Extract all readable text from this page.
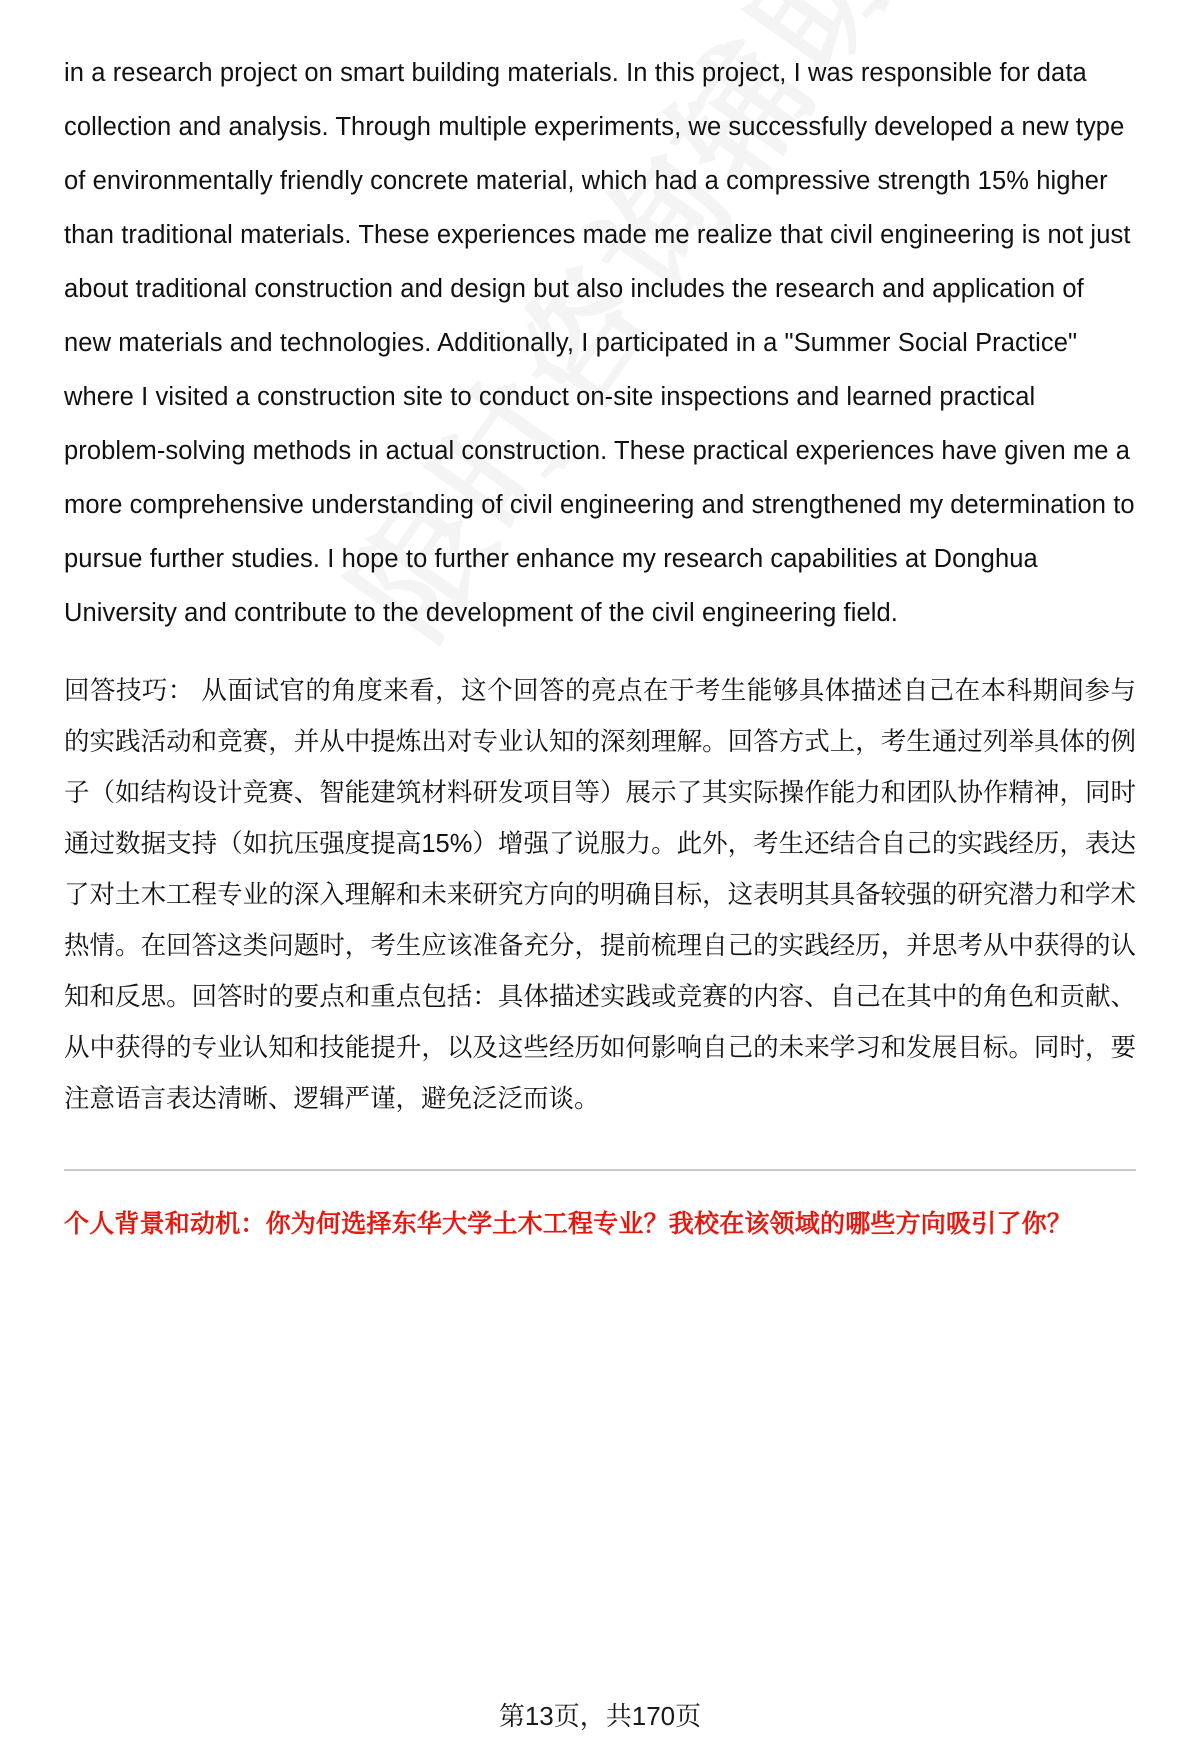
in a research project on smart building materials. In this project, I was responsible for data collection and analysis. Through multiple experiments, we successfully developed a new type of environmentally friendly concrete material, which had a compressive strength 15% higher than traditional materials. These experiences made me realize that civil engineering is not just about traditional construction and design but also includes the research and application of new materials and technologies. Additionally, I participated in a "Summer Social Practice" where I visited a construction site to conduct on-site inspections and learned practical problem-solving methods in actual construction. These practical experiences have given me a more comprehensive understanding of civil engineering and strengthened my determination to pursue further studies. I hope to further enhance my research capabilities at Donghua University and contribute to the development of the civil engineering field.

回答技巧： 从面试官的角度来看，这个回答的亮点在于考生能够具体描述自己在本科期间参与的实践活动和竞赛，并从中提炼出对专业认知的深刻理解。回答方式上，考生通过列举具体的例子（如结构设计竞赛、智能建筑材料研发项目等）展示了其实际操作能力和团队协作精神，同时通过数据支持（如抗压强度提高15%）增强了说服力。此外，考生还结合自己的实践经历，表达了对土木工程专业的深入理解和未来研究方向的明确目标，这表明其具备较强的研究潜力和学术热情。在回答这类问题时，考生应该准备充分，提前梳理自己的实践经历，并思考从中获得的认知和反思。回答时的要点和重点包括：具体描述实践或竞赛的内容、自己在其中的角色和贡献、从中获得的专业认知和技能提升，以及这些经历如何影响自己的未来学习和发展目标。同时，要注意语言表达清晰、逻辑严谨，避免泛泛而谈。

个人背景和动机：你为何选择东华大学土木工程专业？我校在该领域的哪些方向吸引了你？
第13页，共170页
